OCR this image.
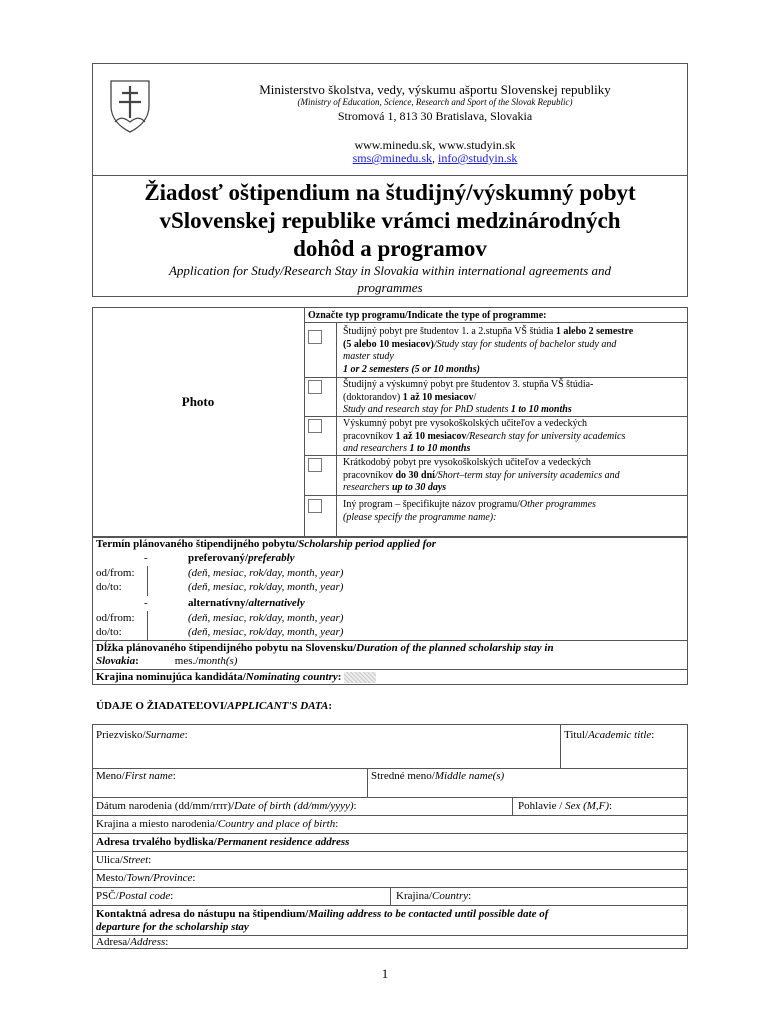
Ministerstvo školstva, vedy, výskumu ašportu Slovenskej republiky
(Ministry of Education, Science, Research and Sport of the Slovak Republic)
Stromová 1, 813 30 Bratislava, Slovakia
www.minedu.sk, www.studyin.sk
sms@minedu.sk, info@studyin.sk
Žiadosť oštipendium na študijný/výskumný pobyt
vSlovenskej republike vrámci medzinárodných
dohôd a programov
Application for Study/Research Stay in Slovakia within international agreements and
programmes
Photo
Označte typ programu/Indicate the type of programme:
Študijný pobyt pre študentov 1. a 2.stupňa VŠ štúdia 1 alebo 2 semestre
(5 alebo 10 mesiacov)/Study stay for students of bachelor study and
master study
1 or 2 semesters (5 or 10 months)
Študijný a výskumný pobyt pre študentov 3. stupňa VŠ štúdia-
(doktorandov) 1 až 10 mesiacov/
Study and research stay for PhD students 1 to 10 months
Výskumný pobyt pre vysokoškolských učiteľov a vedeckých
pracovníkov 1 až 10 mesiacov/Research stay for university academics
and researchers 1 to 10 months
Krátkodobý pobyt pre vysokoškolských učiteľov a vedeckých
pracovníkov do 30 dní/Short–term stay for university academics and
researchers up to 30 days
Iný program – špecifikujte názov programu/Other programmes
(please specify the programme name):
Termín plánovaného štipendijného pobytu/Scholarship period applied for
-	preferovaný/preferably
od/from:	(deň, mesiac, rok/day, month, year)
do/to:	(deň, mesiac, rok/day, month, year)
-	alternatívny/alternatively
od/from:	(deň, mesiac, rok/day, month, year)
do/to:	(deň, mesiac, rok/day, month, year)
Dĺžka plánovaného štipendijného pobytu na Slovensku/Duration of the planned scholarship stay in
Slovakia:	mes./month(s)
Krajina nominujúca kandidáta/Nominating country:
ÚDAJE O ŽIADATEĽOVI/APPLICANT'S DATA:
Priezvisko/Surname:	Titul/Academic title:
Meno/First name:	Stredné meno/Middle name(s)
Dátum narodenia (dd/mm/rrrr)/Date of birth (dd/mm/yyyy):	Pohlavie / Sex (M,F):
Krajina a miesto narodenia/Country and place of birth:
Adresa trvalého bydliska/Permanent residence address
Ulica/Street:
Mesto/Town/Province:
PSČ/Postal code:	Krajina/Country:
Kontaktná adresa do nástupu na štipendium/Mailing address to be contacted until possible date of
departure for the scholarship stay
Adresa/Address:
1
